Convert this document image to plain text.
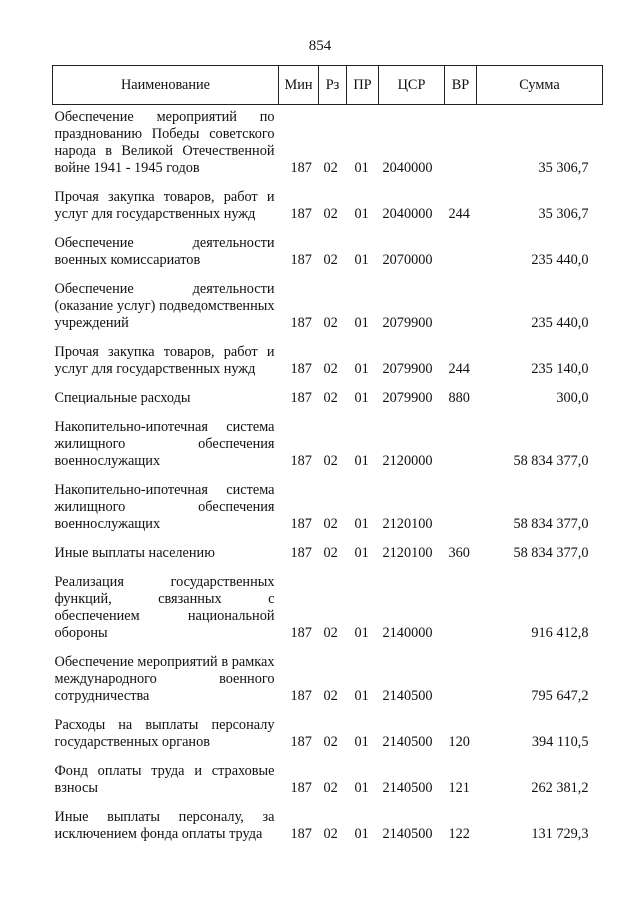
854
Наименование	Мин	Рз	ПР	ЦСР	ВР	Сумма
Обеспечение мероприятий по празднованию Победы советского народа в Великой Отечественной войне 1941 - 1945 годов	187	02	01	2040000		35 306,7
Прочая закупка товаров, работ и услуг для государственных нужд	187	02	01	2040000	244	35 306,7
Обеспечение деятельности военных комиссариатов	187	02	01	2070000		235 440,0
Обеспечение деятельности (оказание услуг) подведомственных учреждений	187	02	01	2079900		235 440,0
Прочая закупка товаров, работ и услуг для государственных нужд	187	02	01	2079900	244	235 140,0
Специальные расходы	187	02	01	2079900	880	300,0
Накопительно-ипотечная система жилищного обеспечения военнослужащих	187	02	01	2120000		58 834 377,0
Накопительно-ипотечная система жилищного обеспечения военнослужащих	187	02	01	2120100		58 834 377,0
Иные выплаты населению	187	02	01	2120100	360	58 834 377,0
Реализация государственных функций, связанных с обеспечением национальной обороны	187	02	01	2140000		916 412,8
Обеспечение мероприятий в рамках международного военного сотрудничества	187	02	01	2140500		795 647,2
Расходы на выплаты персоналу государственных органов	187	02	01	2140500	120	394 110,5
Фонд оплаты труда и страховые взносы	187	02	01	2140500	121	262 381,2
Иные выплаты персоналу, за исключением фонда оплаты труда	187	02	01	2140500	122	131 729,3
